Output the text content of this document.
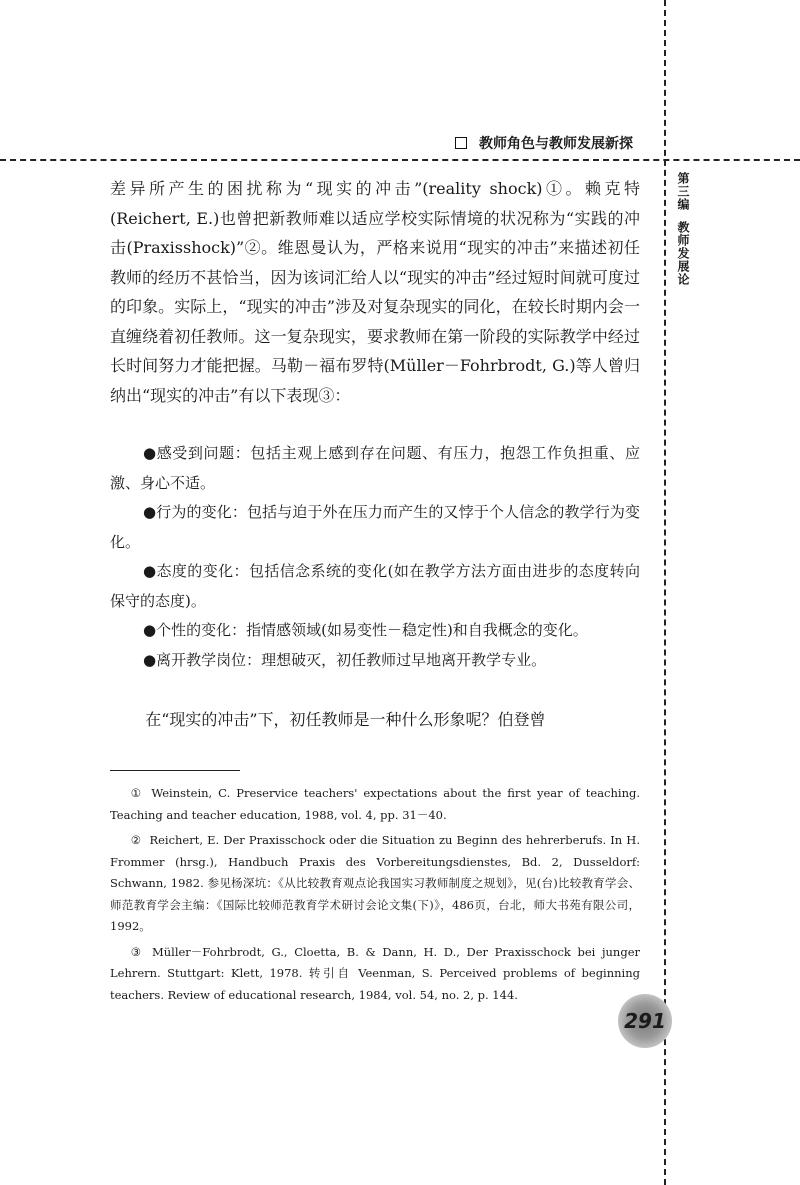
教师角色与教师发展新探
第三编教师发展论

差异所产生的困扰称为“现实的冲击”(reality shock)①。赖克特(Reichert, E.)也曾把新教师难以适应学校实际情境的状况称为“实践的冲击(Praxisshock)”②。维恩曼认为，严格来说用“现实的冲击”来描述初任教师的经历不甚恰当，因为该词汇给人以“现实的冲击”经过短时间就可度过的印象。实际上，“现实的冲击”涉及对复杂现实的同化，在较长时期内会一直缠绕着初任教师。这一复杂现实，要求教师在第一阶段的实际教学中经过长时间努力才能把握。马勒－福布罗特(Müller－Fohrbrodt, G.)等人曾归纳出“现实的冲击”有以下表现③：

●感受到问题：包括主观上感到存在问题、有压力，抱怨工作负担重、应激、身心不适。

●行为的变化：包括与迫于外在压力而产生的又悖于个人信念的教学行为变化。

●态度的变化：包括信念系统的变化(如在教学方法方面由进步的态度转向保守的态度)。

●个性的变化：指情感领域(如易变性－稳定性)和自我概念的变化。

●离开教学岗位：理想破灭，初任教师过早地离开教学专业。

在“现实的冲击”下，初任教师是一种什么形象呢？伯登曾

① Weinstein, C. Preservice teachers' expectations about the first year of teaching. Teaching and teacher education, 1988, vol. 4, pp. 31－40.

② Reichert, E. Der Praxisschock oder die Situation zu Beginn des hehrerberufs. In H. Frommer (hrsg.), Handbuch Praxis des Vorbereitungsdienstes, Bd. 2, Dusseldorf: Schwann, 1982. 参见杨深坑：《从比较教育观点论我国实习教师制度之规划》，见(台)比较教育学会、师范教育学会主编：《国际比较师范教育学术研讨会论文集(下)》，486页，台北，师大书苑有限公司，1992。

③ Müller－Fohrbrodt, G., Cloetta, B. & Dann, H. D., Der Praxisschock bei junger Lehrern. Stuttgart: Klett, 1978. 转引自 Veenman, S. Perceived problems of beginning teachers. Review of educational research, 1984, vol. 54, no. 2, p. 144.

291
